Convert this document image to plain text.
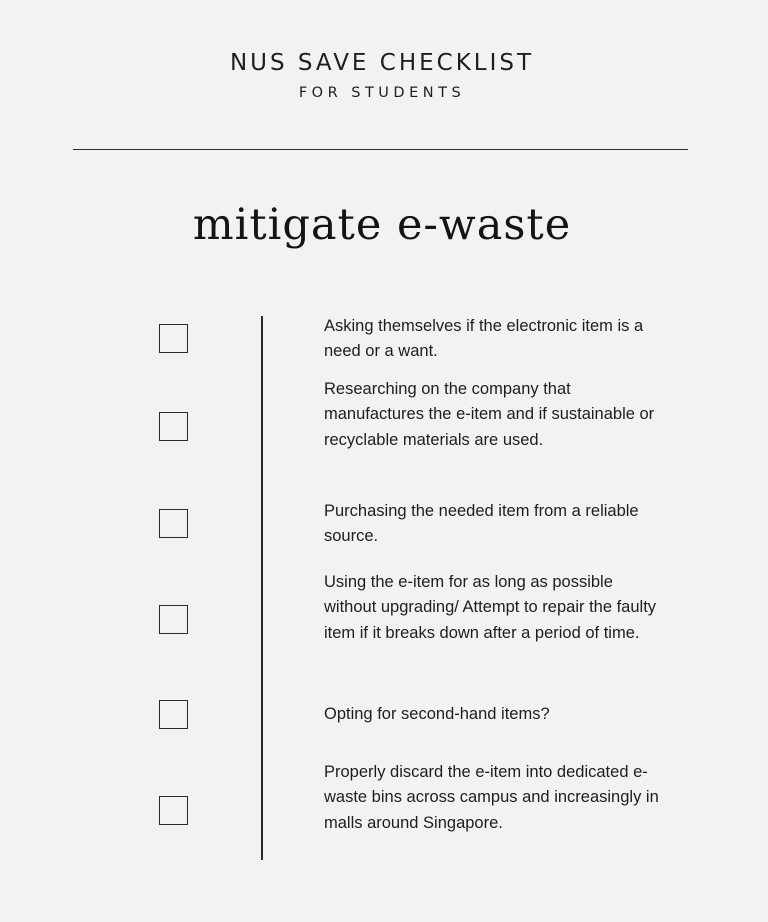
NUS SAVE CHECKLIST
FOR STUDENTS
mitigate e-waste
Asking themselves if the electronic item is a need or a want.
Researching on the company that manufactures the e-item and if sustainable or recyclable materials are used.
Purchasing the needed item from a reliable source.
Using the e-item for as long as possible without upgrading/ Attempt to repair the faulty item if it breaks down after a period of time.
Opting for second-hand items?
Properly discard the e-item into dedicated e-waste bins across campus and increasingly in malls around Singapore.
